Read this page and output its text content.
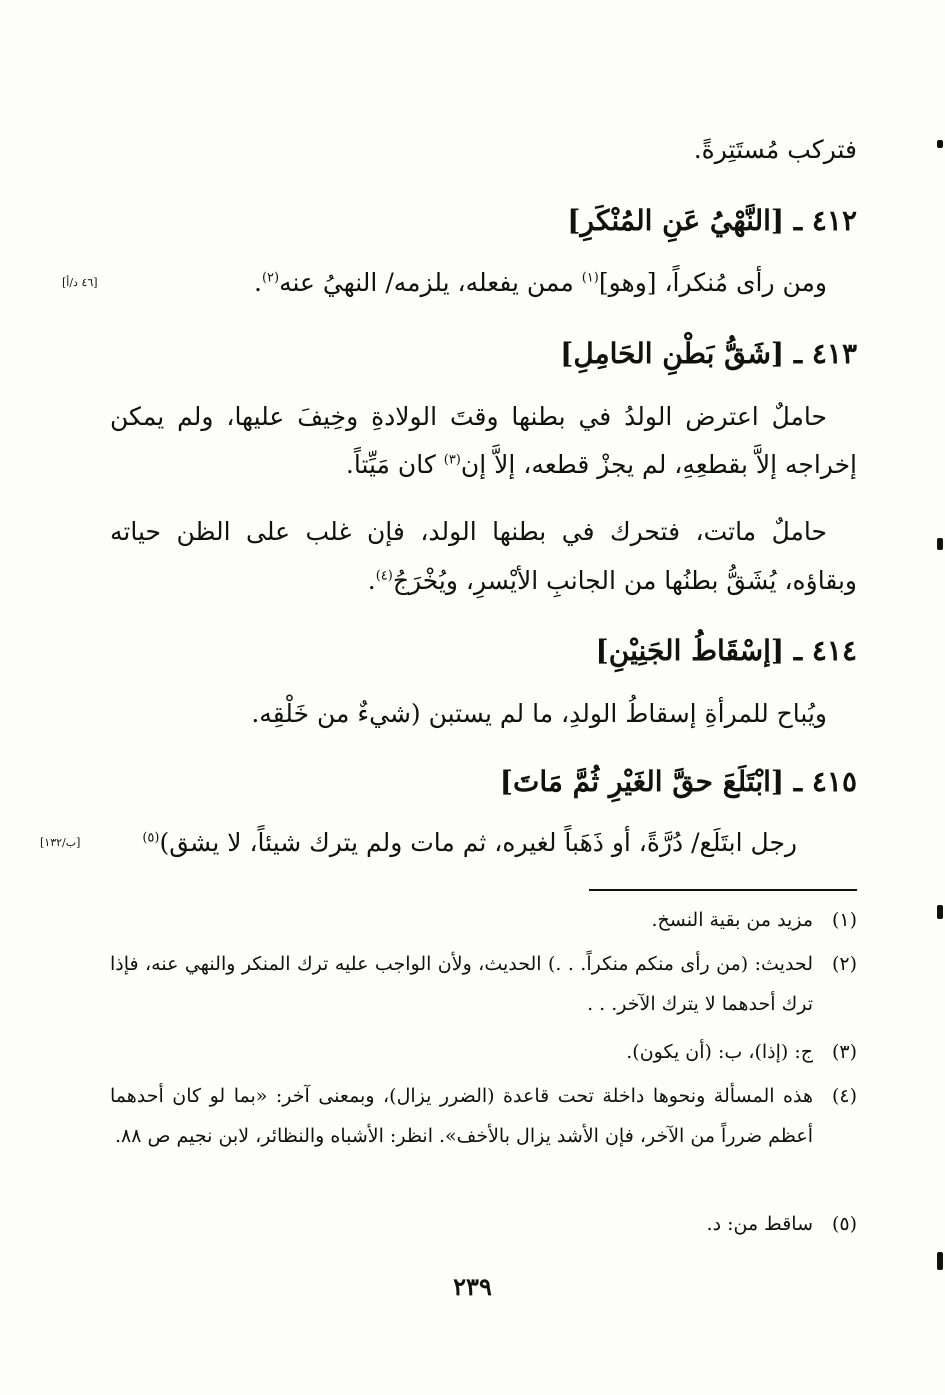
فتركب مُستَتِرةً.
٤١٢ ـ [النَّهْيُ عَنِ المُنْكَرِ]
ومن رأى مُنكراً، [وهو]$^{(١)}$ ممن يفعله، يلزمه/ النهيُ عنه$^{(٢)}$.
[٤٦ د/أ]
٤١٣ ـ [شَقُّ بَطْنِ الحَامِلِ]
حاملٌ اعترض الولدُ في بطنها وقتَ الولادةِ وخِيفَ عليها، ولم يمكن
إخراجه إلاَّ بقطعِهِ، لم يجزْ قطعه، إلاَّ إن$^{(٣)}$ كان مَيِّتاً.
حاملٌ ماتت، فتحرك في بطنها الولد، فإن غلب على الظن حياته
وبقاؤه، يُشَقُّ بطنُها من الجانبِ الأيْسرِ، ويُخْرَجُ$^{(٤)}$.
٤١٤ ـ [إسْقَاطُ الجَنِيْنِ]
ويُباح للمرأةِ إسقاطُ الولدِ، ما لم يستبن (شيءٌ من خَلْقِه.
٤١٥ ـ [ابْتَلَعَ حقَّ الغَيْرِ ثُمَّ مَاتَ]
رجل ابتَلَع/ دُرَّةً، أو ذَهَباً لغيره، ثم مات ولم يترك شيئاً، لا يشق)$^{(٥)}$
[ب/١٣٢]
(١)
مزيد من بقية النسخ.
(٢)
لحديث: (من رأى منكم منكراً. . .) الحديث، ولأن الواجب عليه ترك المنكر والنهي عنه، فإذا ترك أحدهما لا يترك الآخر. . .
(٣)
ج: (إذا)، ب: (أن يكون).
(٤)
هذه المسألة ونحوها داخلة تحت قاعدة (الضرر يزال)، وبمعنى آخر: «بما لو كان أحدهما أعظم ضرراً من الآخر، فإن الأشد يزال بالأخف». انظر: الأشباه والنظائر، لابن نجيم ص ٨٨.
(٥)
ساقط من: د.
٢٣٩
